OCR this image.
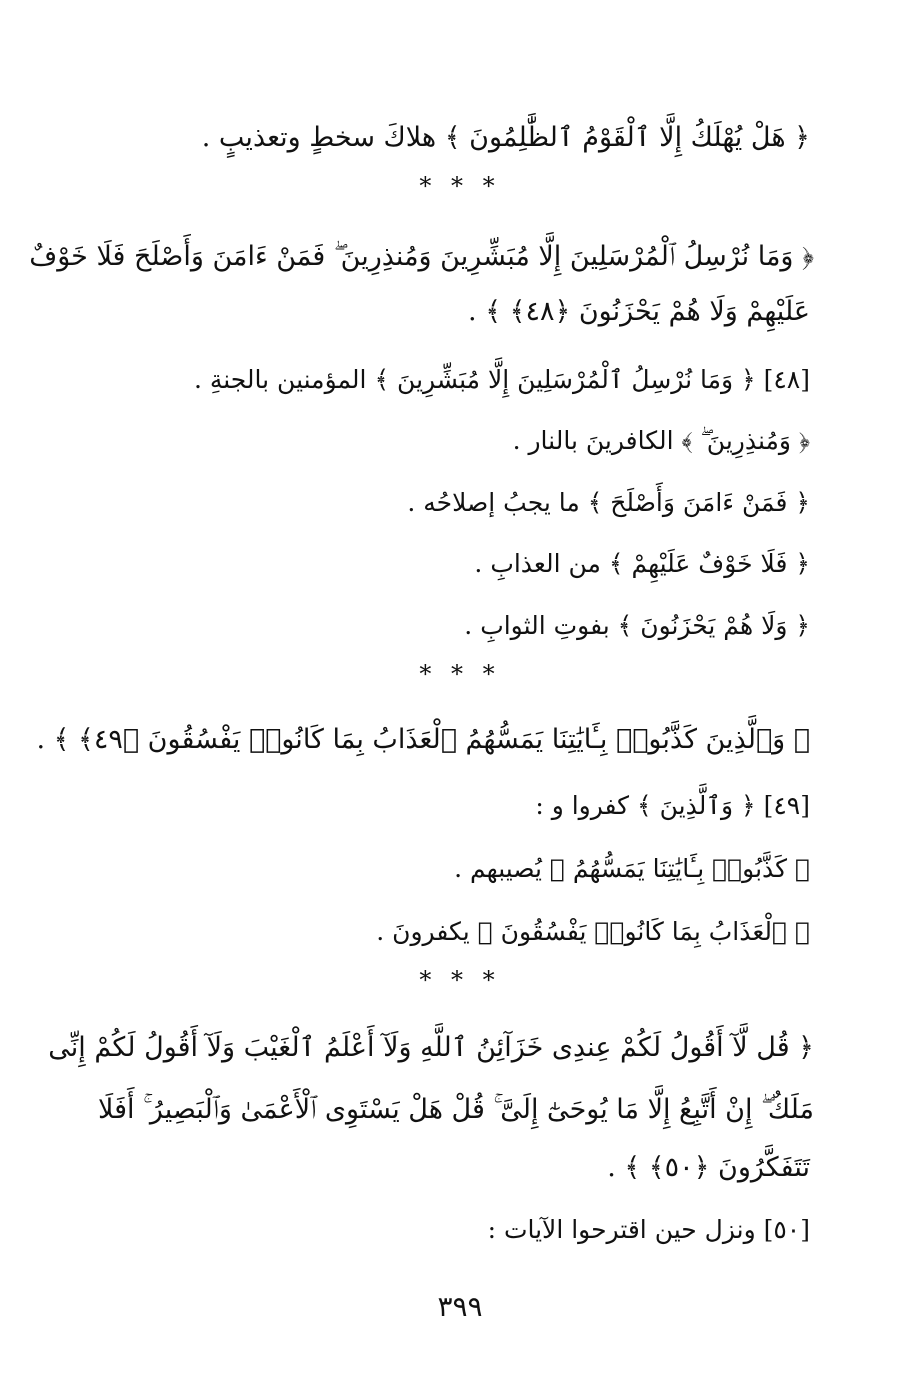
﴿ هَلْ يُهْلَكُ إِلَّا ٱلْقَوْمُ ٱلظَّٰلِمُونَ ﴾ هلاكَ سخطٍ وتعذيبٍ .
* * *
﴿ وَمَا نُرْسِلُ ٱلْمُرْسَلِينَ إِلَّا مُبَشِّرِينَ وَمُنذِرِينَ ۖ فَمَنْ ءَامَنَ وَأَصْلَحَ فَلَا خَوْفٌ
عَلَيْهِمْ وَلَا هُمْ يَحْزَنُونَ ﴿٤٨﴾ ﴾ .
[٤٨] ﴿ وَمَا نُرْسِلُ ٱلْمُرْسَلِينَ إِلَّا مُبَشِّرِينَ ﴾ المؤمنين بالجنةِ .
﴿ وَمُنذِرِينَ ۖ ﴾ الكافرينَ بالنار .
﴿ فَمَنْ ءَامَنَ وَأَصْلَحَ ﴾ ما يجبُ إصلاحُه .
﴿ فَلَا خَوْفٌ عَلَيْهِمْ ﴾ من العذابِ .
﴿ وَلَا هُمْ يَحْزَنُونَ ﴾ بفوتِ الثوابِ .
* * *
﴿ وَٱلَّذِينَ كَذَّبُوا۟ بِـَٔايَٰتِنَا يَمَسُّهُمُ ٱلْعَذَابُ بِمَا كَانُوا۟ يَفْسُقُونَ ﴿٤٩﴾ ﴾ .
[٤٩] ﴿ وَٱلَّذِينَ ﴾ كفروا و :
﴿ كَذَّبُوا۟ بِـَٔايَٰتِنَا يَمَسُّهُمُ ﴾ يُصيبهم .
﴿ ٱلْعَذَابُ بِمَا كَانُوا۟ يَفْسُقُونَ ﴾ يكفرونَ .
* * *
﴿ قُل لَّآ أَقُولُ لَكُمْ عِندِى خَزَآئِنُ ٱللَّهِ وَلَآ أَعْلَمُ ٱلْغَيْبَ وَلَآ أَقُولُ لَكُمْ إِنِّى
مَلَكٌ ۖ إِنْ أَتَّبِعُ إِلَّا مَا يُوحَىٰٓ إِلَىَّ ۚ قُلْ هَلْ يَسْتَوِى ٱلْأَعْمَىٰ وَٱلْبَصِيرُ ۚ أَفَلَا
تَتَفَكَّرُونَ ﴿٥٠﴾ ﴾ .
[٥٠] ونزل حين اقترحوا الآيات :
٣٩٩
